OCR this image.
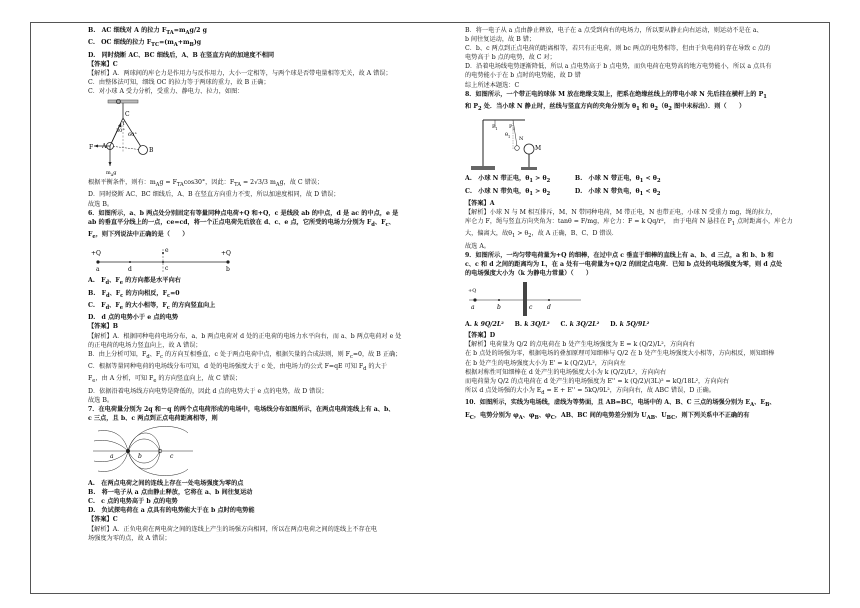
B.　AC 细线对 A 的拉力 $F_{TA}=m_Ag/2$ g
C.　OC 细线的拉力 $F_{TC}=(m_A+m_B)g$
D.　同时烧断 AC、BC 细线后，A、B 在竖直方向的加速度不相同
【答案】C
【解析】A．两球间的库仑力是作用力与反作用力，大小一定相等，与两个球是否带电量相等无关，故 A 错误；
C．由整体法可知，细线 OC 的拉力等于两球的重力，故 B 正确；
C．对小球 A 受力分析，受重力、静电力、拉力，如图：
C
O
A
B
30°
60°
F
$m_Ag$
T
根据平衡条件，则有：$m_Ag = F_{TA}\cos 30^\circ$，因此：$F_{TA} = 2√3/3$ $m_Ag$，故 C 错误；
D．同时烧断 AC、BC 细线后，A、B 在竖直方向重力不变，所以加速度相同，故 D 错误；
故选 B。
6．如图所示，a、b 两点处分别固定有等量同种点电荷+Q 和+Q，c 是线段 ab 的中点，d 是 ac 的中点，e 是
ab 的垂直平分线上的一点，ce=cd，将一个正点电荷先后放在 d、c、e 点，它所受的电场力分别为 $F_d$、$F_c$、
$F_e$，则下列说法中正确的是（　　）
+Q	+Q
a	b
d	c
e
A.　$F_d$、$F_e$ 的方向都是水平向右
B.　$F_d$、$F_c$ 的方向相反，$F_c=0$
C.　$F_d$、$F_e$ 的大小相等，$F_c$ 的方向竖直向上
D.　d 点的电势小于 e 点的电势
【答案】B
【解析】A．根据同种电荷电场分布，a、b 两点电荷对 d 处的正电荷的电场力水平向右，而 a、b 两点电荷对 e 处
的正电荷的电场力竖直向上，故 A 错误；
B．由上分析可知，$F_d$、$F_c$ 的方向互相垂直，c 处于两点电荷中点，根据矢量的合成法则，则 $F_c=0$，故 B 正确；
C．根据等量同种电荷的电场线分布可知，d 处的电场强度大于 c 处，由电场力的公式 F=qE 可知 $F_d$ 的大于
$F_e$，由 A 分析，可知 $F_e$ 的方向竖直向上，故 C 错误；
D．依据沿着电场线方向电势是降低的，因此 d 点的电势大于 e 点的电势，故 D 错误；
故选 B。
7．在电荷量分别为 2q 和－q 的两个点电荷形成的电场中，电场线分布如图所示，在两点电荷连线上有 a、b、
c 三点，且 b、c 两点到正点电荷距离相等，则
a	b	c
A.　在两点电荷之间的连线上存在一处电场强度为零的点
B.　将一电子从 a 点由静止释放，它将在 a、b 间往复运动
C.　c 点的电势高于 b 点的电势
D.　负试探电荷在 a 点具有的电势能大于在 b 点时的电势能
【答案】C
【解析】A．正负电荷在两电荷之间的连线上产生的场强方向相同，所以在两点电荷之间的连线上不存在电
场强度为零的点，故 A 错误；
B．将一电子从 a 点由静止释放，电子在 a 点受到向右的电场力，所以要从静止向右运动，则运动不是在 a、
b 间往复运动，故 B 错；
C．b、c 两点到正点电荷的距离相等，若只有正电荷，则 bc 两点的电势相等，但由于负电荷的存在导致 c 点的
电势高于 b 点的电势，故 C 对；
D．沿着电场线电势逐渐降低，所以 a 点电势高于 b 点电势，而负电荷在电势高的地方电势能小，所以 a 点具有
的电势能小于在 b 点时的电势能，故 D 错
综上所述本题选：C
8．如图所示，一个带正电的球体 M 放在绝缘支架上，把系在绝缘丝线上的带电小球 N 先后挂在横杆上的 $P_1$
和 $P_2$ 处．当小球 N 静止时，丝线与竖直方向的夹角分别为 $\theta_1$ 和 $\theta_2(\theta_2$ 图中未标出）．则（　　）
$P_1$ $P_2$
M
N
$\theta_1$
A.　小球 N 带正电，$\theta_1 > \theta_2$　　　　B.　小球 N 带正电，$\theta_1 < \theta_2$
C.　小球 N 带负电，$\theta_1 > \theta_2$　　　　D.　小球 N 带负电，$\theta_1 < \theta_2$
【答案】A
【解析】小球 N 与 M 相互排斥，M、N 带同种电荷，M 带正电，N 也带正电，小球 N 受重力 mg，绳的拉力，
库仑力 F，绳与竖直方向夹角为：tanθ = F/mg，库仑力：F = k Qq/r²，　由于电荷 N 悬挂在 $P_1$ 点时距离小，库仑力
大，偏离大，故$\theta_1 > \theta_2$，故 A 正确，B、C、D 错误．
故选 A。
9．如图所示，一均匀带电荷量为+Q 的细棒，在过中点 c 垂直于细棒的直线上有 a、b、d 三点，a 和 b、b 和
c、c 和 d 之间的距离均为 L，在 a 处有一电荷量为+Q/2 的固定点电荷．已知 b 点处的电场强度为零，则 d 点处
的电场强度大小为（k 为静电力常量）（　　）
a	b	c d
+Q
A. k 9Q/2L² B. k 3Q/L² C. k 3Q/2L² D. k 5Q/9L²
【答案】D
【解析】电荷量为 Q/2 的点电荷在 b 处产生电场强度为 E = k (Q/2)/L²，方向向右
在 b 点处的场强为零，根据电场的叠加原理可知细棒与 Q/2 在 b 处产生电场强度大小相等，方向相反，则知细棒
在 b 处产生的电场强度大小为 E' = k (Q/2)/L²，方向向左
根据对称性可知细棒在 d 处产生的电场强度大小为 k (Q/2)/L²，方向向右
而电荷量为 Q/2 的点电荷在 d 处产生的电场强度为 E'' = k (Q/2)/(3L)² = kQ/18L²，方向向右
所以 d 点处场强的大小为 $E_d = E + E'' = 5kQ/9L^2$，方向向右，故 ABC 错误，D 正确。
10．如图所示，实线为电场线，虚线为等势面，且 AB=BC，电场中的 A、B、C 三点的场强分别为 $E_A$、$E_B$、
$E_C$，电势分别为 $\varphi_A$、$\varphi_B$、$\varphi_C$，AB、BC 间的电势差分别为 $U_{AB}$、$U_{BC}$，则下列关系中不正确的有
